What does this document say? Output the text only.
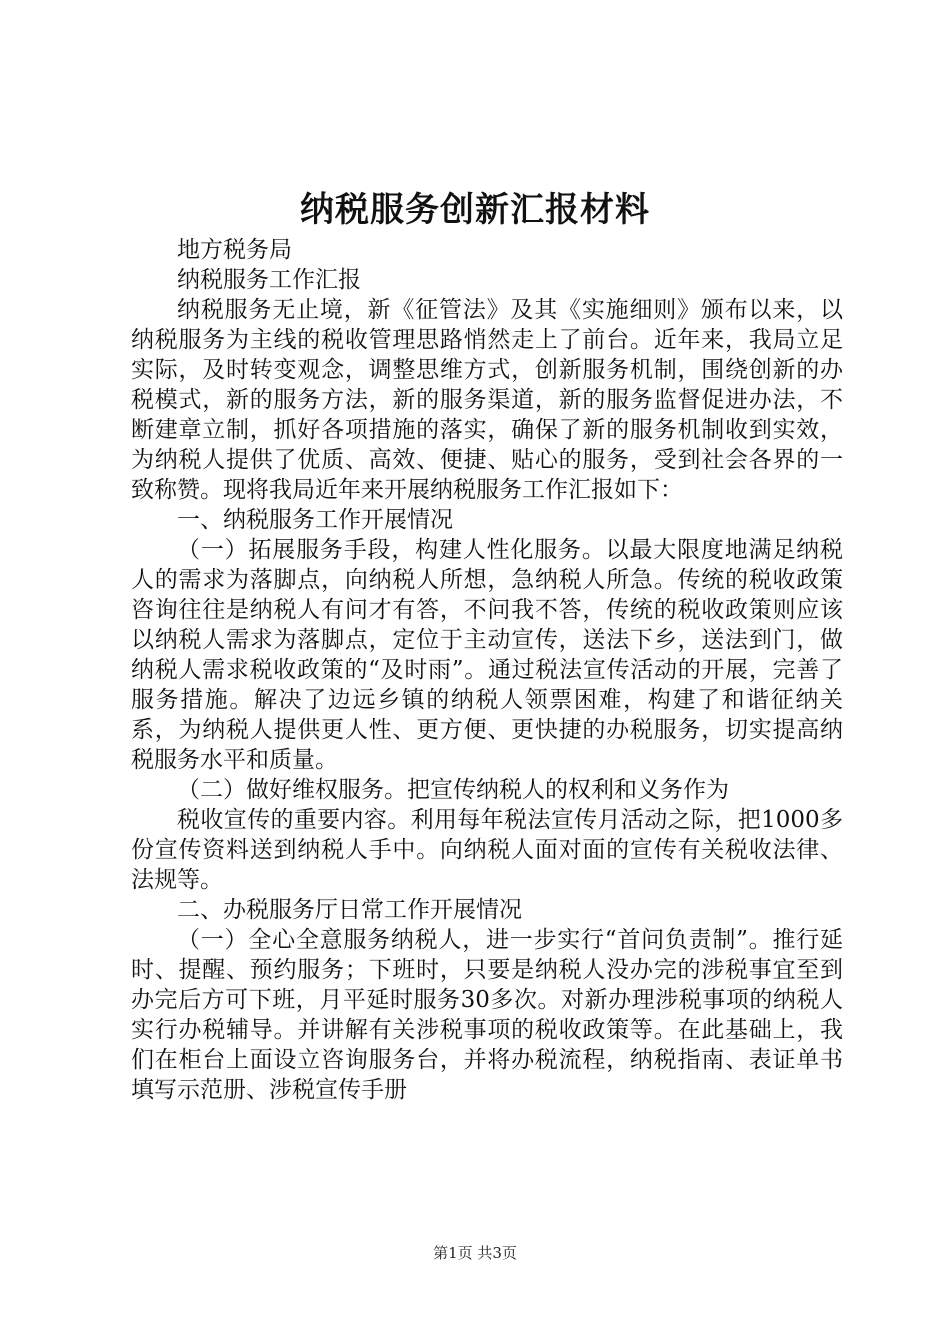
纳税服务创新汇报材料

地方税务局

纳税服务工作汇报

纳税服务无止境，新《征管法》及其《实施细则》颁布以来，以纳税服务为主线的税收管理思路悄然走上了前台。近年来，我局立足实际，及时转变观念，调整思维方式，创新服务机制，围绕创新的办税模式，新的服务方法，新的服务渠道，新的服务监督促进办法，不断建章立制，抓好各项措施的落实，确保了新的服务机制收到实效，为纳税人提供了优质、高效、便捷、贴心的服务，受到社会各界的一致称赞。现将我局近年来开展纳税服务工作汇报如下：

一、纳税服务工作开展情况

（一）拓展服务手段，构建人性化服务。以最大限度地满足纳税人的需求为落脚点，向纳税人所想，急纳税人所急。传统的税收政策咨询往往是纳税人有问才有答，不问我不答，传统的税收政策则应该以纳税人需求为落脚点，定位于主动宣传，送法下乡，送法到门，做纳税人需求税收政策的“及时雨”。通过税法宣传活动的开展，完善了服务措施。解决了边远乡镇的纳税人领票困难，构建了和谐征纳关系，为纳税人提供更人性、更方便、更快捷的办税服务，切实提高纳税服务水平和质量。

（二）做好维权服务。把宣传纳税人的权利和义务作为

税收宣传的重要内容。利用每年税法宣传月活动之际，把1000多份宣传资料送到纳税人手中。向纳税人面对面的宣传有关税收法律、法规等。

二、办税服务厅日常工作开展情况

（一）全心全意服务纳税人，进一步实行“首问负责制”。推行延时、提醒、预约服务；下班时，只要是纳税人没办完的涉税事宜至到办完后方可下班，月平延时服务30多次。对新办理涉税事项的纳税人实行办税辅导。并讲解有关涉税事项的税收政策等。在此基础上，我们在柜台上面设立咨询服务台，并将办税流程，纳税指南、表证单书填写示范册、涉税宣传手册

第1页 共3页
